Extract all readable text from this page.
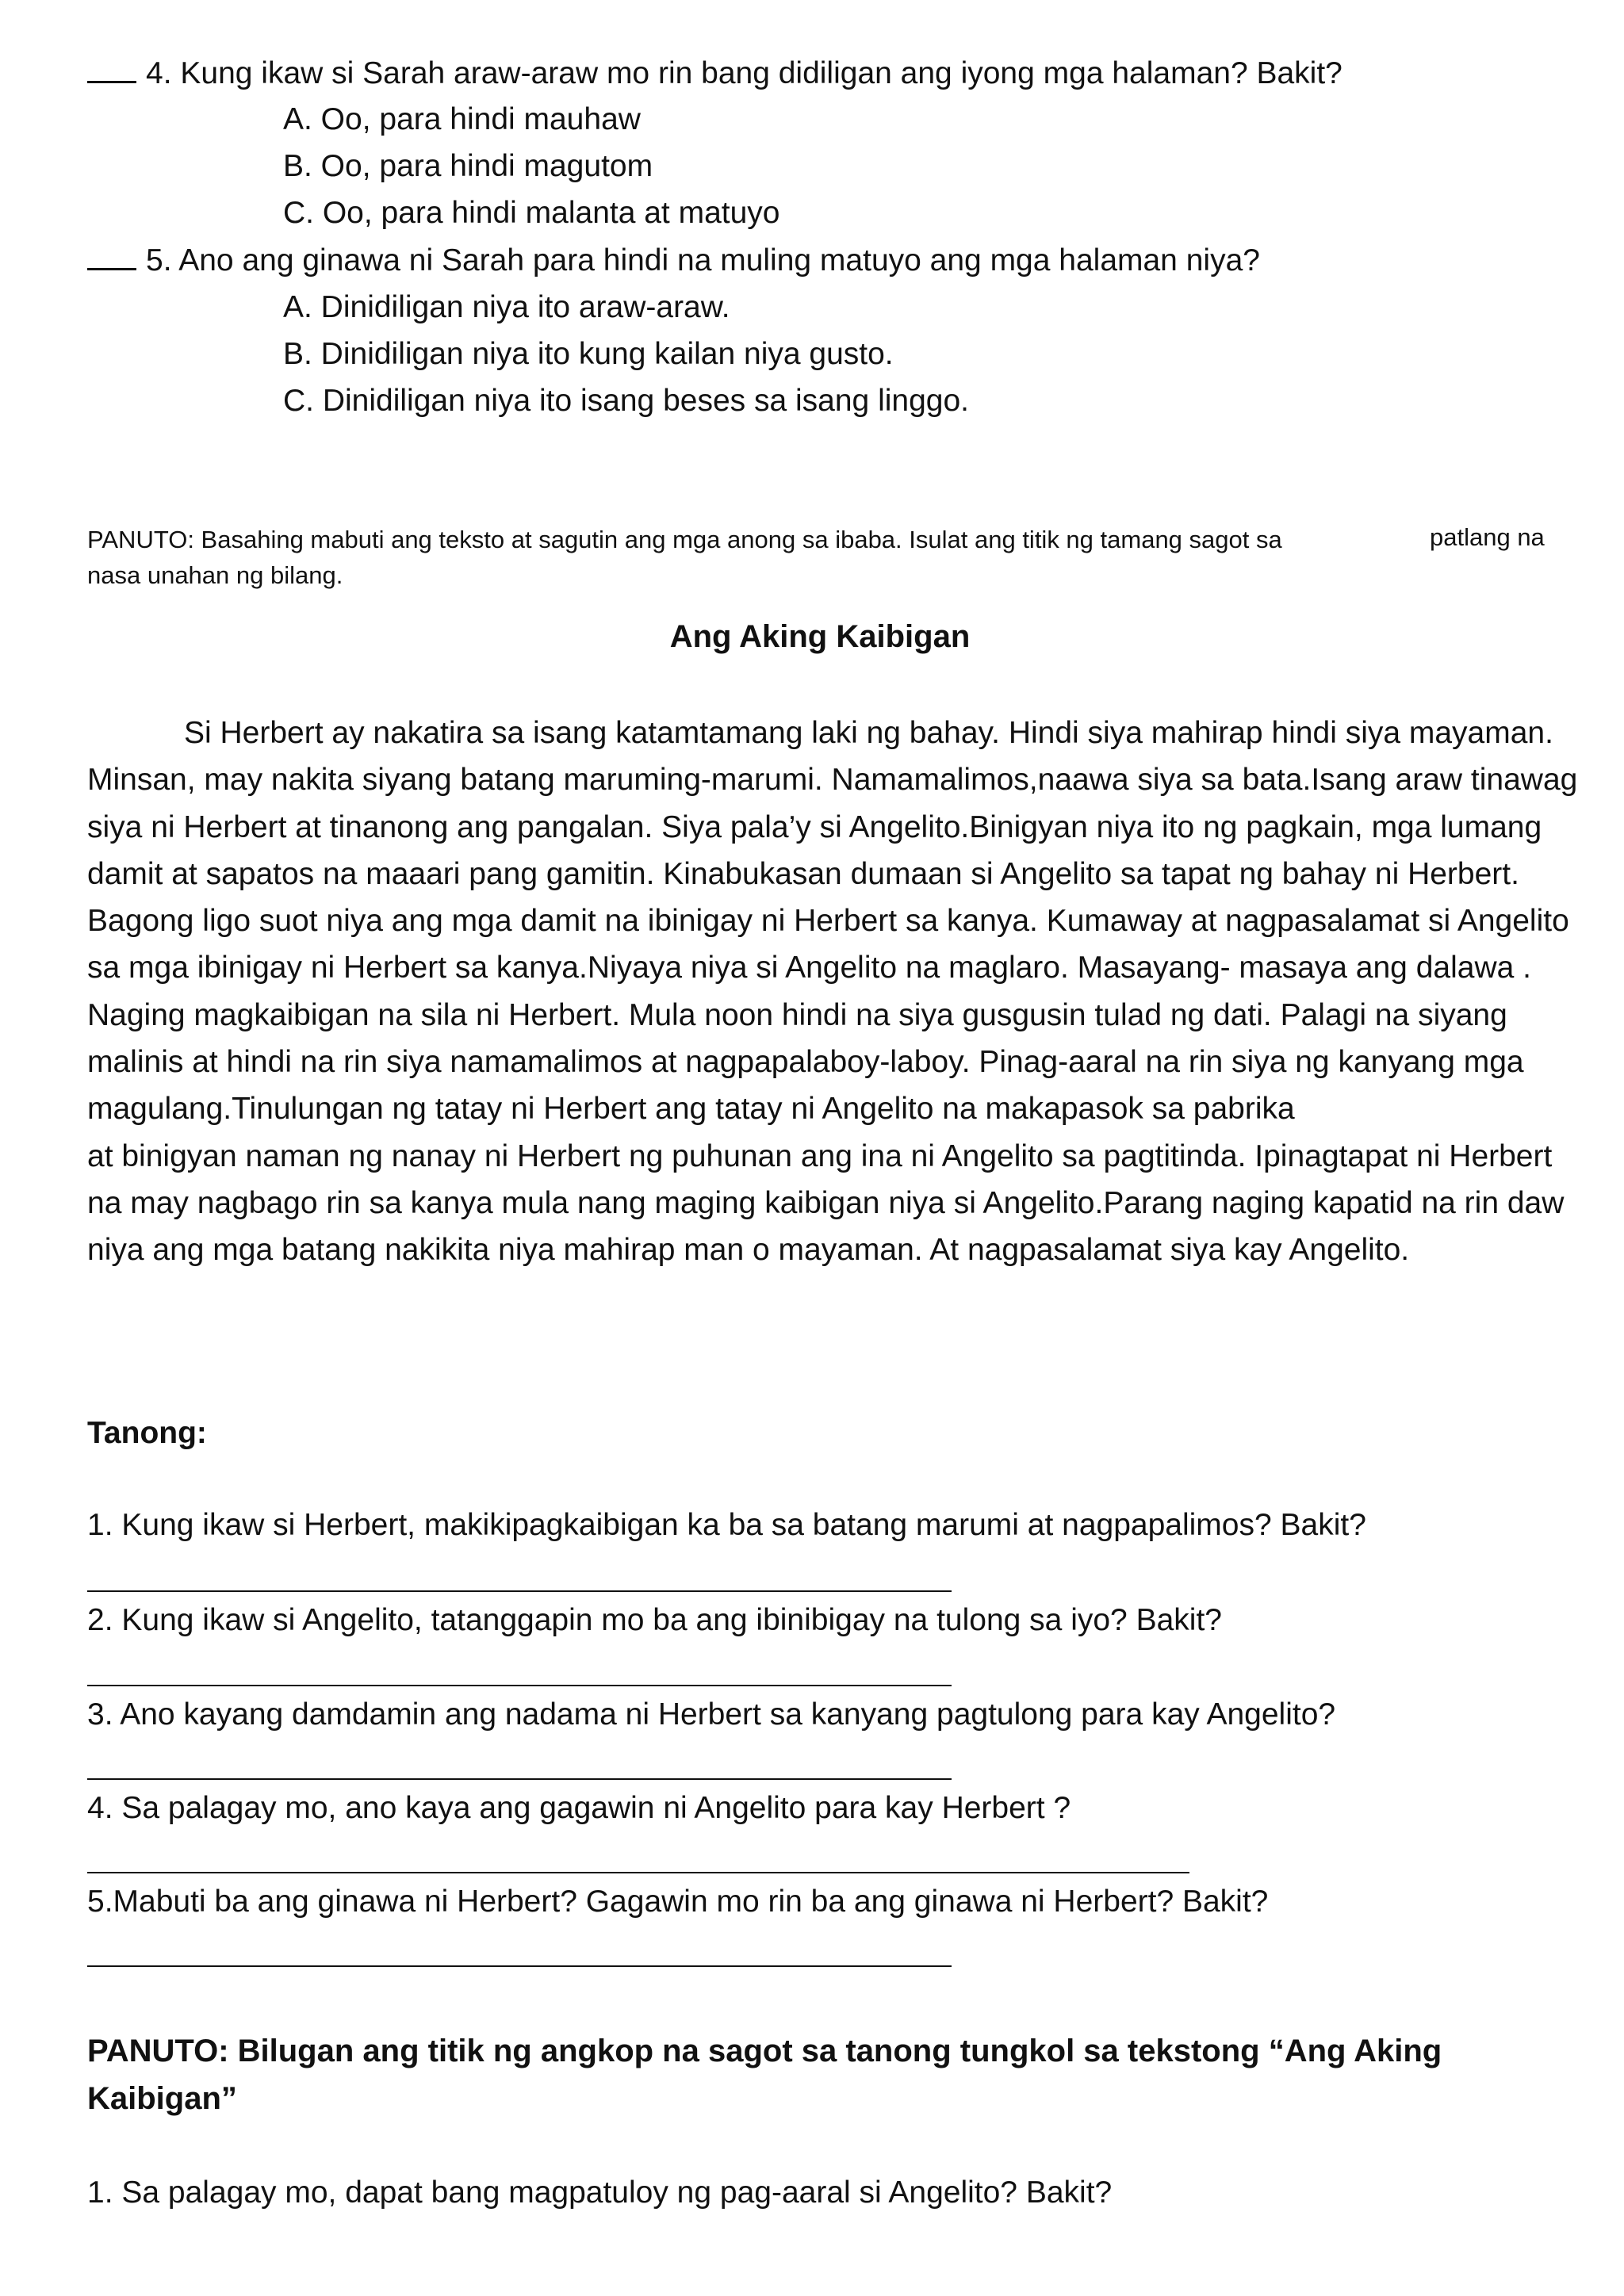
4. Kung ikaw si Sarah araw-araw mo rin bang didiligan ang iyong mga halaman? Bakit?
A. Oo, para hindi mauhaw
B. Oo, para hindi magutom
C. Oo, para hindi malanta at matuyo
5. Ano ang ginawa ni Sarah para hindi na muling matuyo ang mga halaman niya?
A. Dinidiligan niya ito araw-araw.
B. Dinidiligan niya ito kung kailan niya gusto.
C. Dinidiligan niya ito isang beses sa isang linggo.
PANUTO: Basahing mabuti ang teksto at sagutin ang mga anong sa ibaba. Isulat ang titik ng tamang sagot sa	patlang na
nasa unahan ng bilang.
Ang Aking Kaibigan

Si Herbert ay nakatira sa isang katamtamang laki ng bahay. Hindi siya mahirap hindi siya mayaman. Minsan, may nakita siyang batang maruming-marumi. Namamalimos,naawa siya sa bata.Isang araw tinawag siya ni Herbert at tinanong ang pangalan. Siya pala’y si Angelito.Binigyan niya ito ng pagkain, mga lumang damit at sapatos na maaari pang gamitin. Kinabukasan dumaan si Angelito sa tapat ng bahay ni Herbert. Bagong ligo suot niya ang mga damit na ibinigay ni Herbert sa kanya. Kumaway at nagpasalamat si Angelito sa mga ibinigay ni Herbert sa kanya.Niyaya niya si Angelito na maglaro. Masayang- masaya ang dalawa . Naging magkaibigan na sila ni Herbert. Mula noon hindi na siya gusgusin tulad ng dati. Palagi na siyang malinis at hindi na rin siya namamalimos at nagpapalaboy-laboy. Pinag-aaral na rin siya ng kanyang mga magulang.Tinulungan ng tatay ni Herbert ang tatay ni Angelito na makapasok sa pabrika

at binigyan naman ng nanay ni Herbert ng puhunan ang ina ni Angelito sa pagtitinda. Ipinagtapat ni Herbert na may nagbago rin sa kanya mula nang maging kaibigan niya si Angelito.Parang naging kapatid na rin daw niya ang mga batang nakikita niya mahirap man o mayaman. At nagpasalamat siya kay Angelito.

Tanong:
1. Kung ikaw si Herbert, makikipagkaibigan ka ba sa batang marumi at nagpapalimos? Bakit?
2. Kung ikaw si Angelito, tatanggapin mo ba ang ibinibigay na tulong sa iyo? Bakit?
3. Ano kayang damdamin ang nadama ni Herbert sa kanyang pagtulong para kay Angelito?
4. Sa palagay mo, ano kaya ang gagawin ni Angelito para kay Herbert ?
5.Mabuti ba ang ginawa ni Herbert? Gagawin mo rin ba ang ginawa ni Herbert? Bakit?
PANUTO: Bilugan ang titik ng angkop na sagot sa tanong tungkol sa tekstong “Ang Aking Kaibigan”
1. Sa palagay mo, dapat bang magpatuloy ng pag-aaral si Angelito? Bakit?
